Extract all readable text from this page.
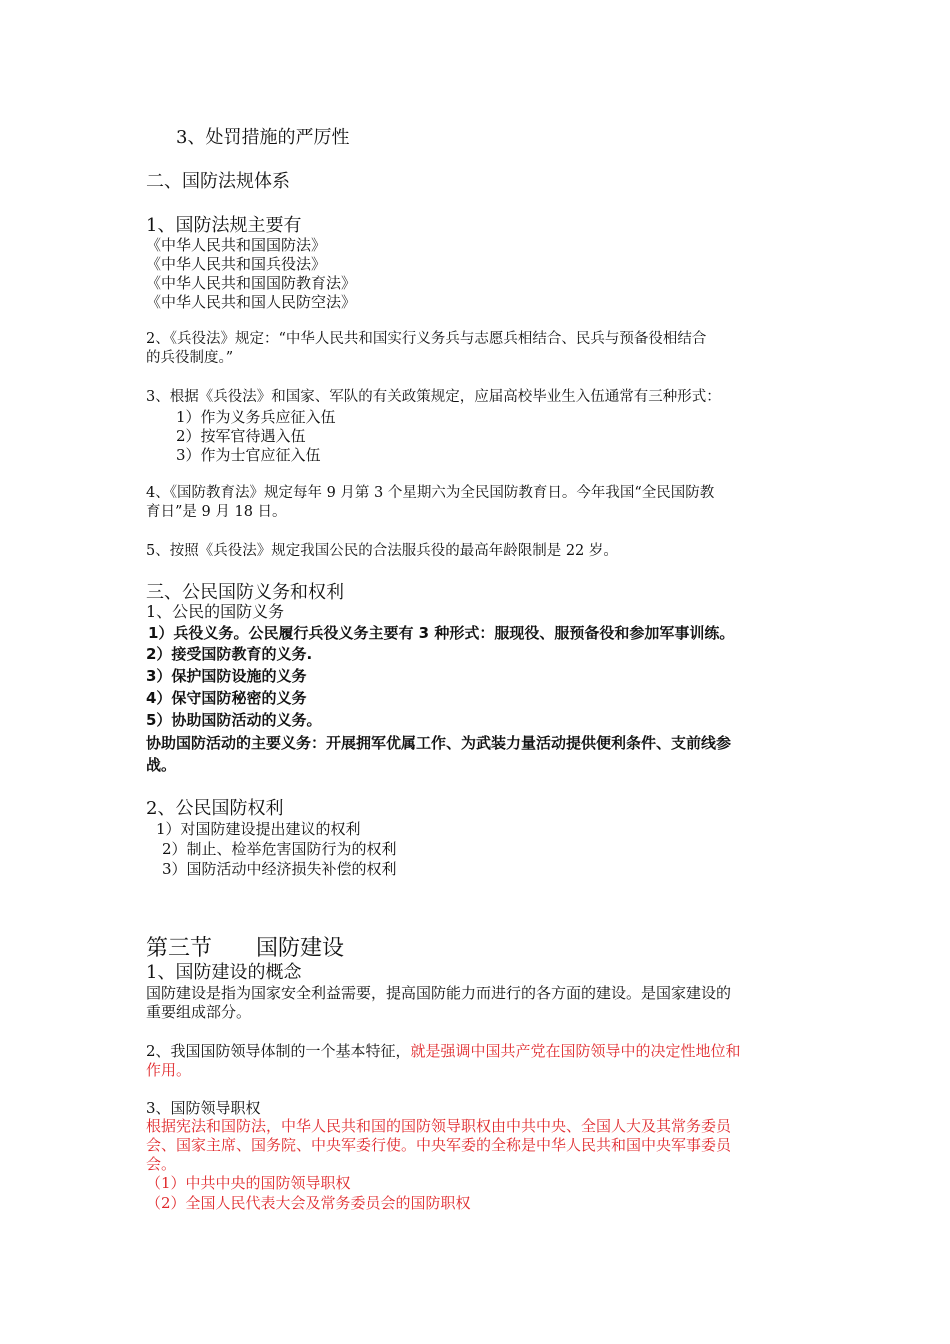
3、处罚措施的严厉性
二、国防法规体系
1、国防法规主要有
《中华人民共和国国防法》
《中华人民共和国兵役法》
《中华人民共和国国防教育法》
《中华人民共和国人民防空法》
2、《兵役法》规定：“中华人民共和国实行义务兵与志愿兵相结合、民兵与预备役相结合
的兵役制度。”
3、根据《兵役法》和国家、军队的有关政策规定，应届高校毕业生入伍通常有三种形式：
1）作为义务兵应征入伍
2）按军官待遇入伍
3）作为士官应征入伍
4、《国防教育法》规定每年 9 月第 3 个星期六为全民国防教育日。今年我国“全民国防教
育日”是 9 月 18 日。
5、按照《兵役法》规定我国公民的合法服兵役的最高年龄限制是 22 岁。
三、公民国防义务和权利
1、公民的国防义务
1）兵役义务。公民履行兵役义务主要有 3 种形式：服现役、服预备役和参加军事训练。
2）接受国防教育的义务.
3）保护国防设施的义务
4）保守国防秘密的义务
5）协助国防活动的义务。
协助国防活动的主要义务：开展拥军优属工作、为武装力量活动提供便利条件、支前线参
战。
2、公民国防权利
1）对国防建设提出建议的权利
2）制止、检举危害国防行为的权利
3）国防活动中经济损失补偿的权利
第三节 国防建设
1、国防建设的概念
国防建设是指为国家安全利益需要，提高国防能力而进行的各方面的建设。是国家建设的
重要组成部分。
2、我国国防领导体制的一个基本特征，就是强调中国共产党在国防领导中的决定性地位和
作用。
3、国防领导职权
根据宪法和国防法，中华人民共和国的国防领导职权由中共中央、全国人大及其常务委员
会、国家主席、国务院、中央军委行使。中央军委的全称是中华人民共和国中央军事委员
会。
（1）中共中央的国防领导职权
（2）全国人民代表大会及常务委员会的国防职权
